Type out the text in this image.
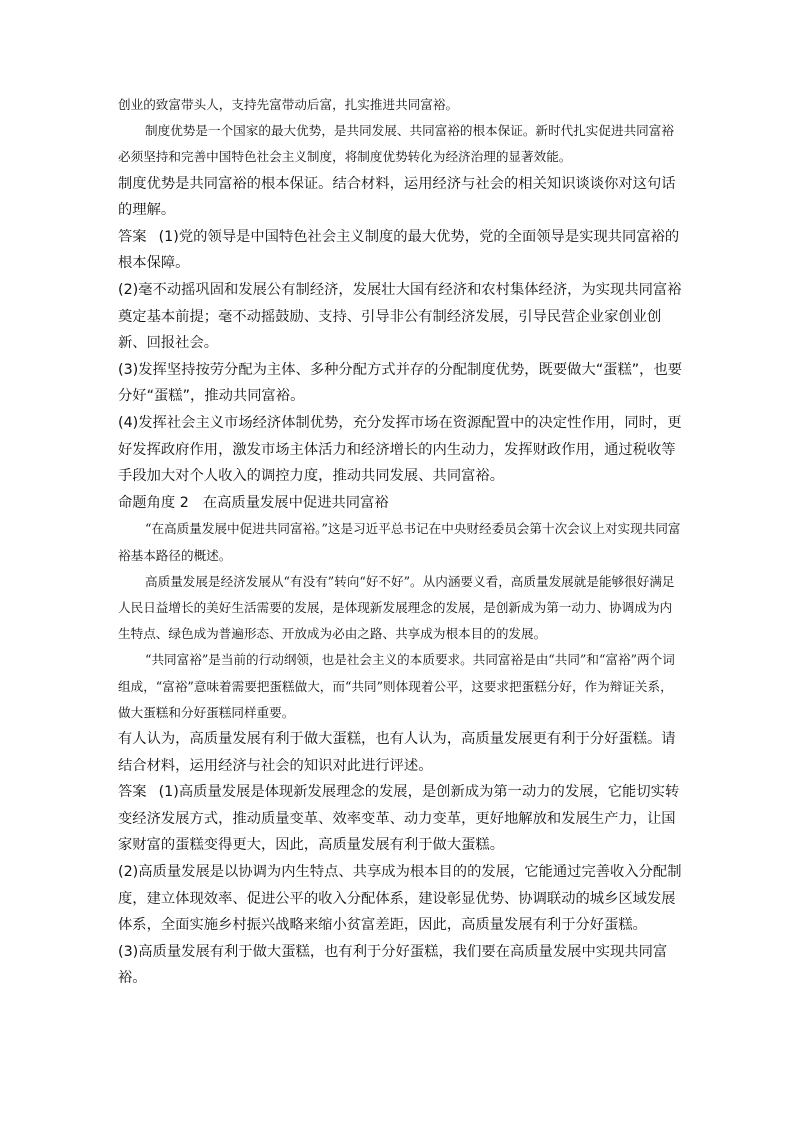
创业的致富带头人，支持先富带动后富，扎实推进共同富裕。

制度优势是一个国家的最大优势，是共同发展、共同富裕的根本保证。新时代扎实促进共同富裕必须坚持和完善中国特色社会主义制度，将制度优势转化为经济治理的显著效能。

制度优势是共同富裕的根本保证。结合材料，运用经济与社会的相关知识谈谈你对这句话的理解。

答案 (1)党的领导是中国特色社会主义制度的最大优势，党的全面领导是实现共同富裕的根本保障。

(2)毫不动摇巩固和发展公有制经济，发展壮大国有经济和农村集体经济，为实现共同富裕奠定基本前提；毫不动摇鼓励、支持、引导非公有制经济发展，引导民营企业家创业创新、回报社会。

(3)发挥坚持按劳分配为主体、多种分配方式并存的分配制度优势，既要做大“蛋糕”，也要分好“蛋糕”，推动共同富裕。

(4)发挥社会主义市场经济体制优势，充分发挥市场在资源配置中的决定性作用，同时，更好发挥政府作用，激发市场主体活力和经济增长的内生动力，发挥财政作用，通过税收等手段加大对个人收入的调控力度，推动共同发展、共同富裕。

命题角度 2 在高质量发展中促进共同富裕

“在高质量发展中促进共同富裕。”这是习近平总书记在中央财经委员会第十次会议上对实现共同富裕基本路径的概述。

高质量发展是经济发展从“有没有”转向“好不好”。从内涵要义看，高质量发展就是能够很好满足人民日益增长的美好生活需要的发展，是体现新发展理念的发展，是创新成为第一动力、协调成为内生特点、绿色成为普遍形态、开放成为必由之路、共享成为根本目的的发展。

“共同富裕”是当前的行动纲领，也是社会主义的本质要求。共同富裕是由“共同”和“富裕”两个词组成，“富裕”意味着需要把蛋糕做大，而“共同”则体现着公平，这要求把蛋糕分好，作为辩证关系，做大蛋糕和分好蛋糕同样重要。

有人认为，高质量发展有利于做大蛋糕，也有人认为，高质量发展更有利于分好蛋糕。请结合材料，运用经济与社会的知识对此进行评述。

答案 (1)高质量发展是体现新发展理念的发展，是创新成为第一动力的发展，它能切实转变经济发展方式，推动质量变革、效率变革、动力变革，更好地解放和发展生产力，让国家财富的蛋糕变得更大，因此，高质量发展有利于做大蛋糕。

(2)高质量发展是以协调为内生特点、共享成为根本目的的发展，它能通过完善收入分配制度，建立体现效率、促进公平的收入分配体系，建设彰显优势、协调联动的城乡区域发展体系，全面实施乡村振兴战略来缩小贫富差距，因此，高质量发展有利于分好蛋糕。

(3)高质量发展有利于做大蛋糕，也有利于分好蛋糕，我们要在高质量发展中实现共同富裕。
